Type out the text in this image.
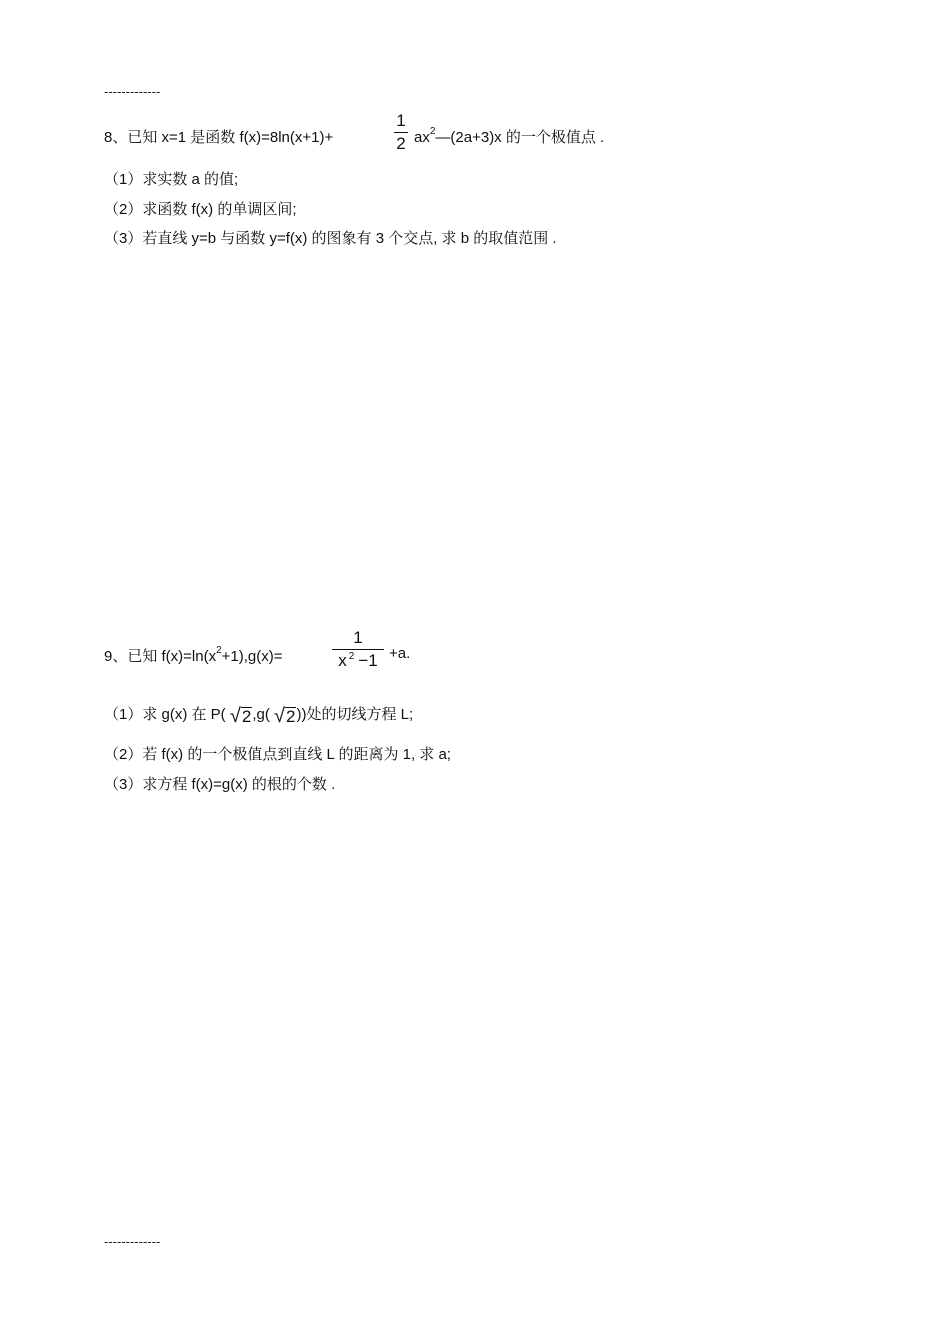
-------------
8、已知 x=1 是函数 f(x)=8ln(x+1)+
1
2 $ax^2—(2a+3)x$ 的一个极值点 .
（1）求实数 a 的值;
（2）求函数 f(x) 的单调区间;
（3）若直线 y=b 与函数 y=f(x) 的图象有 3 个交点, 求 b 的取值范围 .
9、已知 $f(x)=\ln(x^2+1),g(x)=$
1
x $^2$ −1 +a.
（1）求 g(x) 在 P( √ 2 ,g( √ 2 ))处的切线方程 L;
（2）若 f(x) 的一个极值点到直线 L 的距离为 1, 求 a;
（3）求方程 f(x)=g(x) 的根的个数 .
-------------
